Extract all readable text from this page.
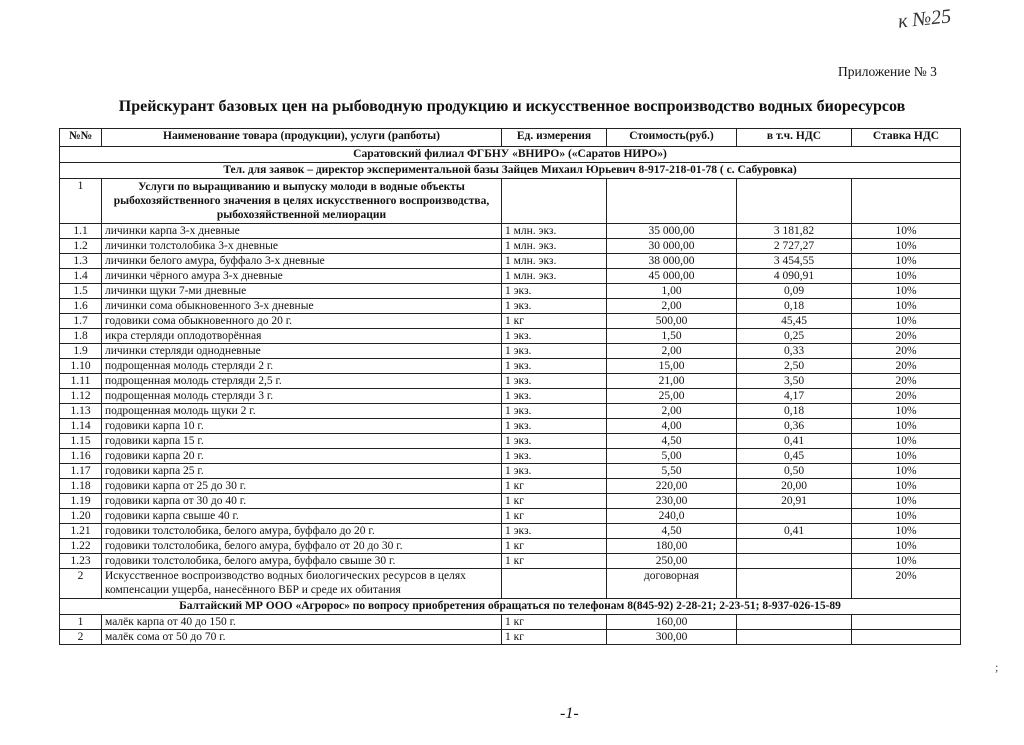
к №25
Приложение № 3
Прейскурант базовых цен на рыбоводную продукцию и искусственное воспроизводство водных биоресурсов
№№	Наименование товара (продукции), услуги (рапботы)	Ед. измерения	Стоимость(руб.)	в т.ч. НДС	Ставка НДС
Саратовский филиал ФГБНУ «ВНИРО» («Саратов НИРО»)					
Тел. для заявок – директор экспериментальной базы Зайцев Михаил Юрьевич 8-917-218-01-78 ( с. Сабуровка)					
1	Услуги по выращиванию и выпуску молоди в водные объекты рыбохозяйственного значения в целях искусственного воспроизводства, рыбохозяйственной мелиорации				
1.1	личинки карпа 3-х дневные	1 млн. экз.	35 000,00	3 181,82	10%
1.2	личинки толстолобика 3-х дневные	1 млн. экз.	30 000,00	2 727,27	10%
1.3	личинки белого амура, буффало 3-х дневные	1 млн. экз.	38 000,00	3 454,55	10%
1.4	личинки чёрного амура 3-х дневные	1 млн. экз.	45 000,00	4 090,91	10%
1.5	личинки щуки 7-ми дневные	1 экз.	1,00	0,09	10%
1.6	личинки сома обыкновенного 3-х дневные	1 экз.	2,00	0,18	10%
1.7	годовики сома обыкновенного до 20 г.	1 кг	500,00	45,45	10%
1.8	икра стерляди оплодотворённая	1 экз.	1,50	0,25	20%
1.9	личинки стерляди однодневные	1 экз.	2,00	0,33	20%
1.10	подрощенная молодь стерляди 2 г.	1 экз.	15,00	2,50	20%
1.11	подрощенная молодь стерляди 2,5 г.	1 экз.	21,00	3,50	20%
1.12	подрощенная молодь стерляди 3 г.	1 экз.	25,00	4,17	20%
1.13	подрощенная молодь щуки 2 г.	1 экз.	2,00	0,18	10%
1.14	годовики карпа 10 г.	1 экз.	4,00	0,36	10%
1.15	годовики карпа 15 г.	1 экз.	4,50	0,41	10%
1.16	годовики карпа 20 г.	1 экз.	5,00	0,45	10%
1.17	годовики карпа 25 г.	1 экз.	5,50	0,50	10%
1.18	годовики карпа от 25 до 30 г.	1 кг	220,00	20,00	10%
1.19	годовики карпа от 30 до 40 г.	1 кг	230,00	20,91	10%
1.20	годовики карпа свыше 40 г.	1 кг	240,0		10%
1.21	годовики толстолобика, белого амура, буффало до 20 г.	1 экз.	4,50	0,41	10%
1.22	годовики толстолобика, белого амура, буффало от 20 до 30 г.	1 кг	180,00		10%
1.23	годовики толстолобика, белого амура, буффало свыше 30 г.	1 кг	250,00		10%
2	Искусственное воспроизводство водных биологических ресурсов в целях компенсации ущерба, нанесённого ВБР и среде их обитания		договорная		20%
Балтайский МР ООО «Агророс» по вопросу приобретения обращаться по телефонам 8(845-92) 2-28-21; 2-23-51; 8-937-026-15-89					
1	малёк карпа от 40 до 150 г.	1 кг	160,00		
2	малёк сома от 50 до 70 г.	1 кг	300,00		
;
-1-
